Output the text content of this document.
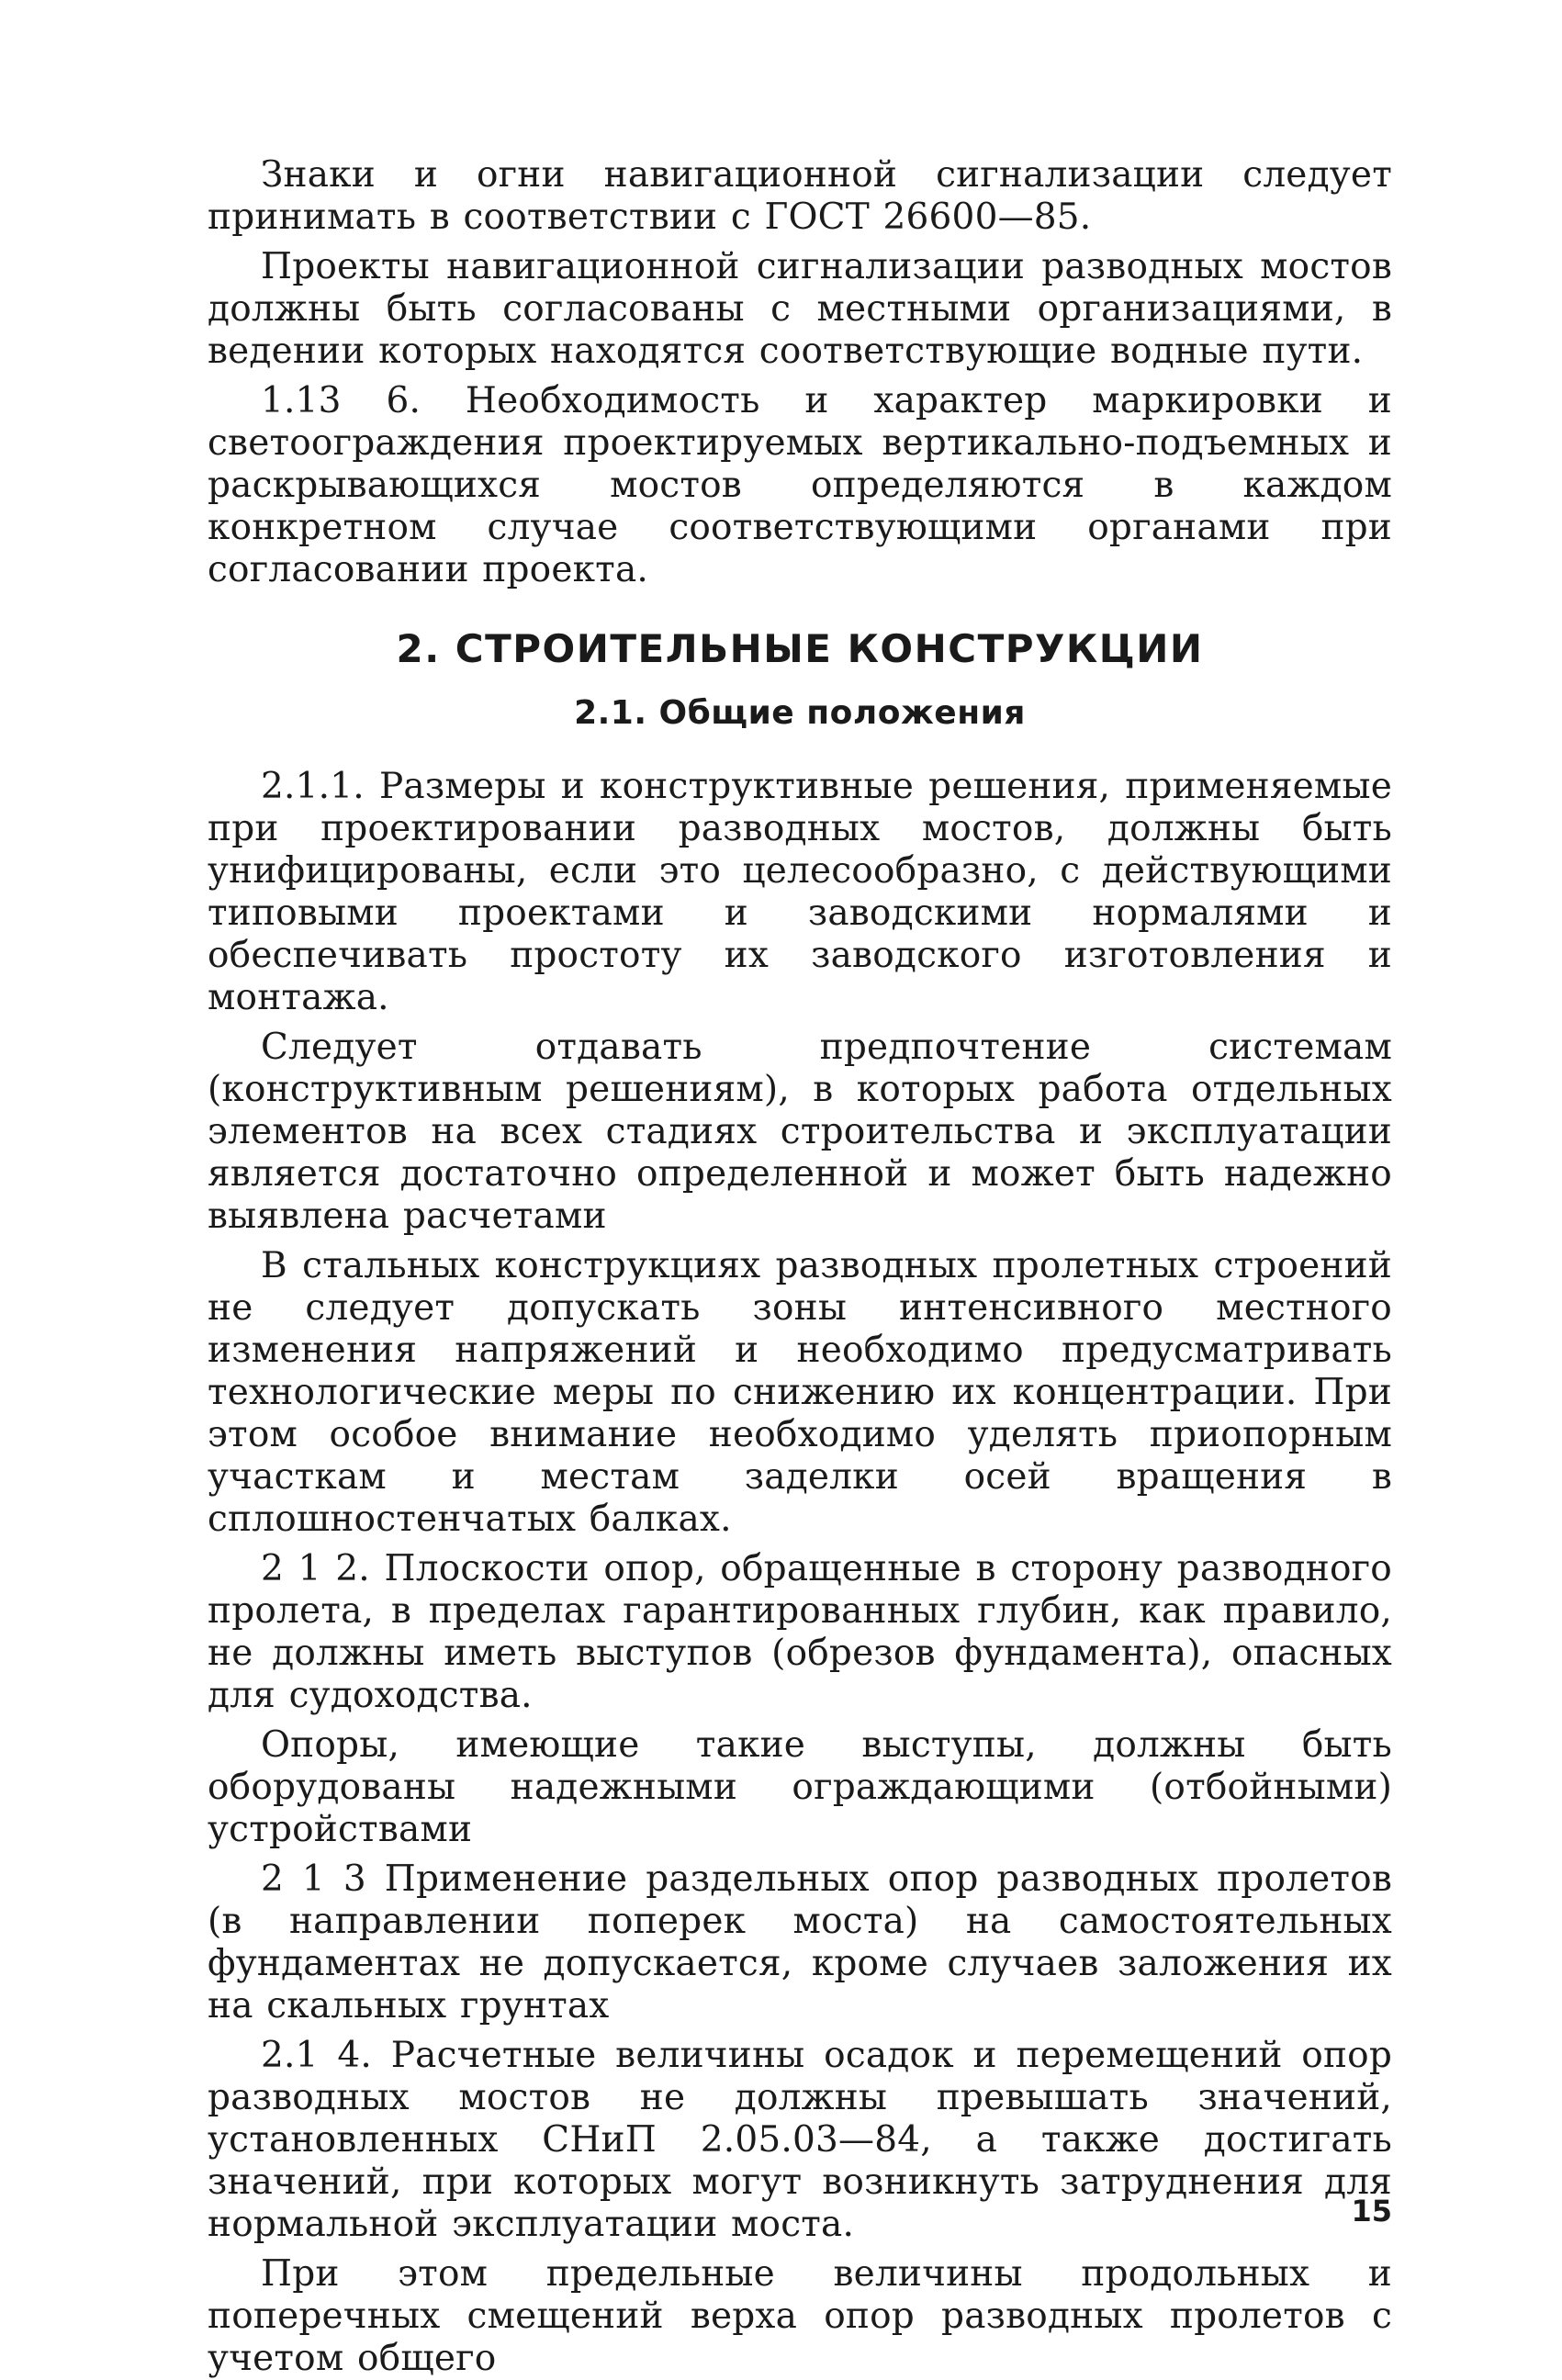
Знаки и огни навигационной сигнализации следует принимать в соответствии с ГОСТ 26600—85.

Проекты навигационной сигнализации разводных мостов должны быть согласованы с местными организациями, в ведении которых находятся соответствующие водные пути.

1.13 6. Необходимость и характер маркировки и светоограждения проектируемых вертикально-подъемных и раскрывающихся мостов определяются в каждом конкретном случае соответствующими органами при согласовании проекта.

2. СТРОИТЕЛЬНЫЕ КОНСТРУКЦИИ
2.1. Общие положения

2.1.1. Размеры и конструктивные решения, применяемые при проектировании разводных мостов, должны быть унифицированы, если это целесообразно, с действующими типовыми проектами и заводскими нормалями и обеспечивать простоту их заводского изготовления и монтажа.

Следует отдавать предпочтение системам (конструктивным решениям), в которых работа отдельных элементов на всех стадиях строительства и эксплуатации является достаточно определенной и может быть надежно выявлена расчетами

В стальных конструкциях разводных пролетных строений не следует допускать зоны интенсивного местного изменения напряжений и необходимо предусматривать технологические меры по снижению их концентрации. При этом особое внимание необходимо уделять приопорным участкам и местам заделки осей вращения в сплошностенчатых балках.

2 1 2. Плоскости опор, обращенные в сторону разводного пролета, в пределах гарантированных глубин, как правило, не должны иметь выступов (обрезов фундамента), опасных для судоходства.

Опоры, имеющие такие выступы, должны быть оборудованы надежными ограждающими (отбойными) устройствами

2 1 3 Применение раздельных опор разводных пролетов (в направлении поперек моста) на самостоятельных фундаментах не допускается, кроме случаев заложения их на скальных грунтах

2.1 4. Расчетные величины осадок и перемещений опор разводных мостов не должны превышать значений, установленных СНиП 2.05.03—84, а также достигать значений, при которых могут возникнуть затруднения для нормальной эксплуатации моста.

При этом предельные величины продольных и поперечных смещений верха опор разводных пролетов с учетом общего

15
